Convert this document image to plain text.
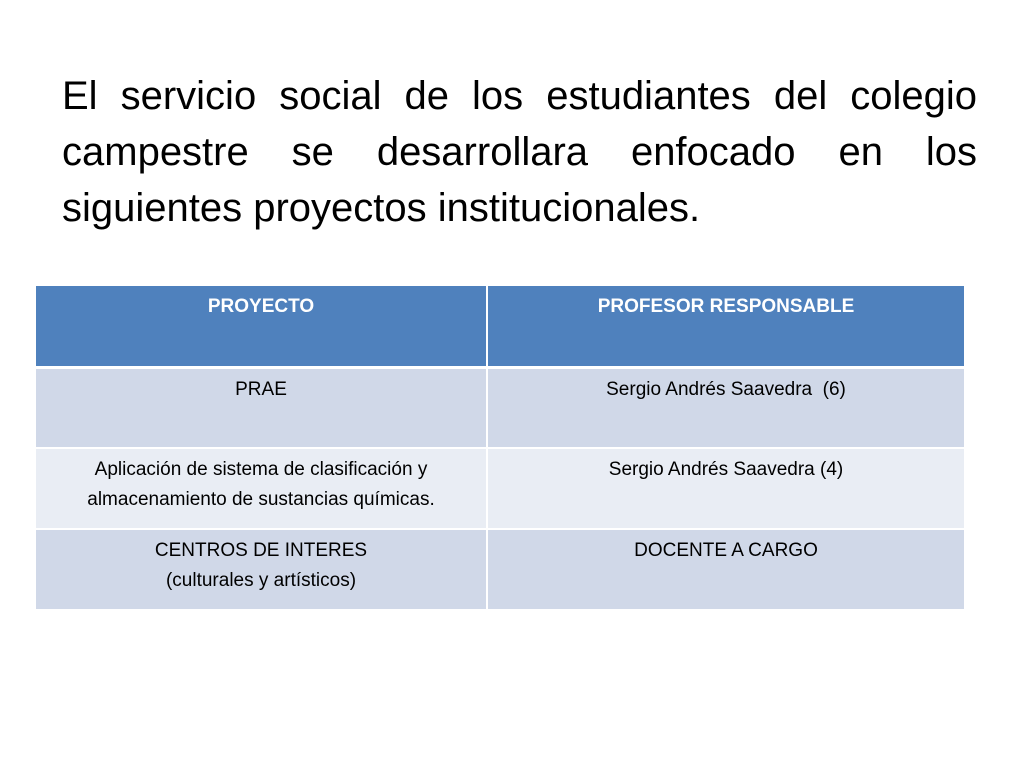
El servicio social de los estudiantes del colegio campestre se desarrollara enfocado en los siguientes proyectos institucionales.

PROYECTO	PROFESOR RESPONSABLE

PRAE	Sergio Andrés Saavedra  (6)

Aplicación de sistema de clasificación y
almacenamiento de sustancias químicas.	Sergio Andrés Saavedra (4)

CENTROS DE INTERES
(culturales y artísticos)	DOCENTE A CARGO
